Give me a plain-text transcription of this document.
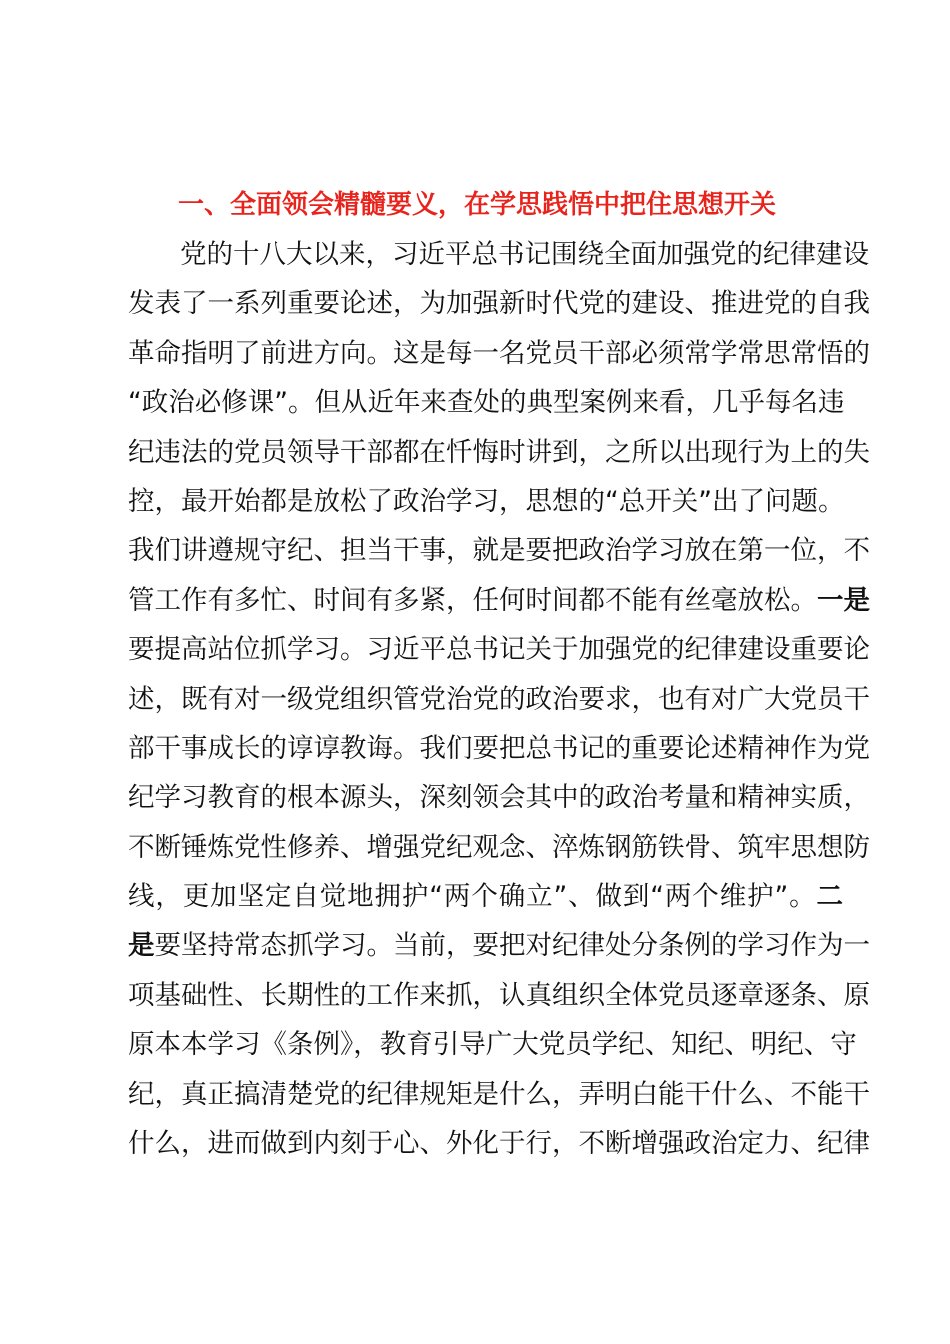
一、全面领会精髓要义，在学思践悟中把住思想开关
党的十八大以来，习近平总书记围绕全面加强党的纪律建设
发表了一系列重要论述，为加强新时代党的建设、推进党的自我
革命指明了前进方向。这是每一名党员干部必须常学常思常悟的
“政治必修课”。但从近年来查处的典型案例来看，几乎每名违
纪违法的党员领导干部都在忏悔时讲到，之所以出现行为上的失
控，最开始都是放松了政治学习，思想的“总开关”出了问题。
我们讲遵规守纪、担当干事，就是要把政治学习放在第一位，不
管工作有多忙、时间有多紧，任何时间都不能有丝毫放松。一是
要提高站位抓学习。习近平总书记关于加强党的纪律建设重要论
述，既有对一级党组织管党治党的政治要求，也有对广大党员干
部干事成长的谆谆教诲。我们要把总书记的重要论述精神作为党
纪学习教育的根本源头，深刻领会其中的政治考量和精神实质，
不断锤炼党性修养、增强党纪观念、淬炼钢筋铁骨、筑牢思想防
线，更加坚定自觉地拥护“两个确立”、做到“两个维护”。二
是要坚持常态抓学习。当前，要把对纪律处分条例的学习作为一
项基础性、长期性的工作来抓，认真组织全体党员逐章逐条、原
原本本学习《条例》，教育引导广大党员学纪、知纪、明纪、守
纪，真正搞清楚党的纪律规矩是什么，弄明白能干什么、不能干
什么，进而做到内刻于心、外化于行，不断增强政治定力、纪律
